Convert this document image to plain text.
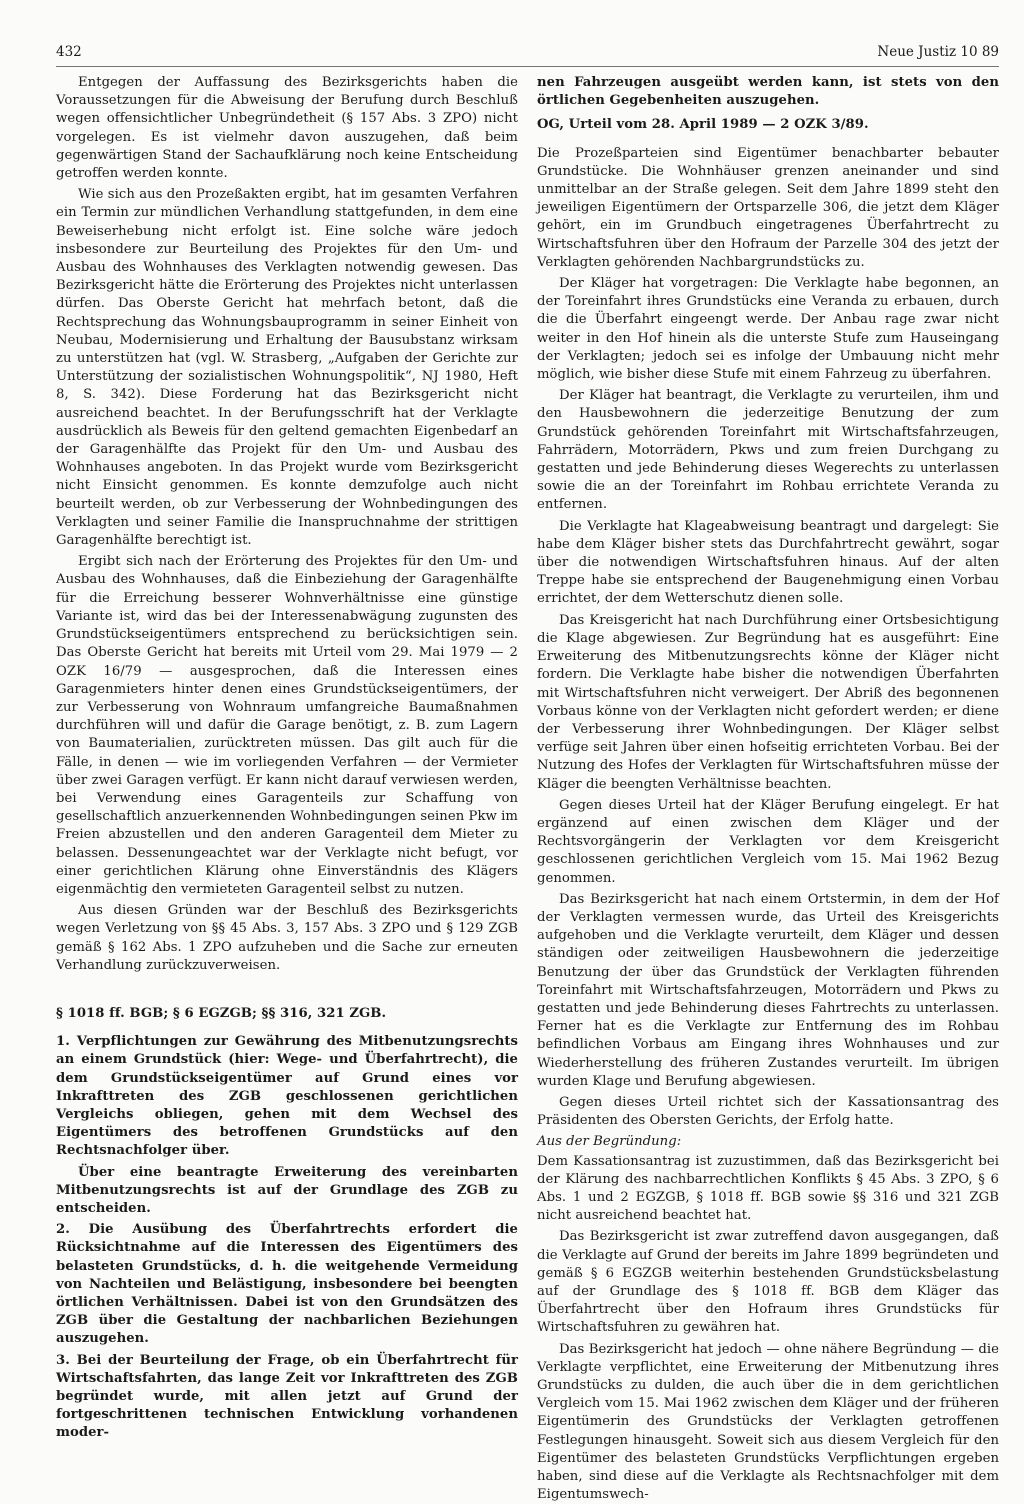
432	Neue Justiz 10 89

Entgegen der Auffassung des Bezirksgerichts haben die Voraussetzungen für die Abweisung der Berufung durch Beschluß wegen offensichtlicher Unbegründetheit (§ 157 Abs. 3 ZPO) nicht vorgelegen. Es ist vielmehr davon auszugehen, daß beim gegenwärtigen Stand der Sachaufklärung noch keine Entscheidung getroffen werden konnte.

Wie sich aus den Prozeßakten ergibt, hat im gesamten Verfahren ein Termin zur mündlichen Verhandlung stattgefunden, in dem eine Beweiserhebung nicht erfolgt ist. Eine solche wäre jedoch insbesondere zur Beurteilung des Projektes für den Um- und Ausbau des Wohnhauses des Verklagten notwendig gewesen. Das Bezirksgericht hätte die Erörterung des Projektes nicht unterlassen dürfen. Das Oberste Gericht hat mehrfach betont, daß die Rechtsprechung das Wohnungsbauprogramm in seiner Einheit von Neubau, Modernisierung und Erhaltung der Bausubstanz wirksam zu unterstützen hat (vgl. W. Strasberg, „Aufgaben der Gerichte zur Unterstützung der sozialistischen Wohnungspolitik“, NJ 1980, Heft 8, S. 342). Diese Forderung hat das Bezirksgericht nicht ausreichend beachtet. In der Berufungsschrift hat der Verklagte ausdrücklich als Beweis für den geltend gemachten Eigenbedarf an der Garagenhälfte das Projekt für den Um- und Ausbau des Wohnhauses angeboten. In das Projekt wurde vom Bezirksgericht nicht Einsicht genommen. Es konnte demzufolge auch nicht beurteilt werden, ob zur Verbesserung der Wohnbedingungen des Verklagten und seiner Familie die Inanspruchnahme der strittigen Garagenhälfte berechtigt ist.

Ergibt sich nach der Erörterung des Projektes für den Um- und Ausbau des Wohnhauses, daß die Einbeziehung der Garagenhälfte für die Erreichung besserer Wohnverhältnisse eine günstige Variante ist, wird das bei der Interessenabwägung zugunsten des Grundstückseigentümers entsprechend zu berücksichtigen sein. Das Oberste Gericht hat bereits mit Urteil vom 29. Mai 1979 — 2 OZK 16/79 — ausgesprochen, daß die Interessen eines Garagenmieters hinter denen eines Grundstückseigentümers, der zur Verbesserung von Wohnraum umfangreiche Baumaßnahmen durchführen will und dafür die Garage benötigt, z. B. zum Lagern von Baumaterialien, zurücktreten müssen. Das gilt auch für die Fälle, in denen — wie im vorliegenden Verfahren — der Vermieter über zwei Garagen verfügt. Er kann nicht darauf verwiesen werden, bei Verwendung eines Garagenteils zur Schaffung von gesellschaftlich anzuerkennenden Wohnbedingungen seinen Pkw im Freien abzustellen und den anderen Garagenteil dem Mieter zu belassen. Dessenungeachtet war der Verklagte nicht befugt, vor einer gerichtlichen Klärung ohne Einverständnis des Klägers eigenmächtig den vermieteten Garagenteil selbst zu nutzen.

Aus diesen Gründen war der Beschluß des Bezirksgerichts wegen Verletzung von §§ 45 Abs. 3, 157 Abs. 3 ZPO und § 129 ZGB gemäß § 162 Abs. 1 ZPO aufzuheben und die Sache zur erneuten Verhandlung zurückzuverweisen.

§ 1018 ff. BGB; § 6 EGZGB; §§ 316, 321 ZGB.

1. Verpflichtungen zur Gewährung des Mitbenutzungsrechts an einem Grundstück (hier: Wege- und Überfahrtrecht), die dem Grundstückseigentümer auf Grund eines vor Inkrafttreten des ZGB geschlossenen gerichtlichen Vergleichs obliegen, gehen mit dem Wechsel des Eigentümers des betroffenen Grundstücks auf den Rechtsnachfolger über.

Über eine beantragte Erweiterung des vereinbarten Mitbenutzungsrechts ist auf der Grundlage des ZGB zu entscheiden.

2. Die Ausübung des Überfahrtrechts erfordert die Rücksichtnahme auf die Interessen des Eigentümers des belasteten Grundstücks, d. h. die weitgehende Vermeidung von Nachteilen und Belästigung, insbesondere bei beengten örtlichen Verhältnissen. Dabei ist von den Grundsätzen des ZGB über die Gestaltung der nachbarlichen Beziehungen auszugehen.

3. Bei der Beurteilung der Frage, ob ein Überfahrtrecht für Wirtschaftsfahrten, das lange Zeit vor Inkrafttreten des ZGB begründet wurde, mit allen jetzt auf Grund der fortgeschrittenen technischen Entwicklung vorhandenen moder-

nen Fahrzeugen ausgeübt werden kann, ist stets von den örtlichen Gegebenheiten auszugehen.

OG, Urteil vom 28. April 1989 — 2 OZK 3/89.

Die Prozeßparteien sind Eigentümer benachbarter bebauter Grundstücke. Die Wohnhäuser grenzen aneinander und sind unmittelbar an der Straße gelegen. Seit dem Jahre 1899 steht den jeweiligen Eigentümern der Ortsparzelle 306, die jetzt dem Kläger gehört, ein im Grundbuch eingetragenes Überfahrtrecht zu Wirtschaftsfuhren über den Hofraum der Parzelle 304 des jetzt der Verklagten gehörenden Nachbargrundstücks zu.

Der Kläger hat vorgetragen: Die Verklagte habe begonnen, an der Toreinfahrt ihres Grundstücks eine Veranda zu erbauen, durch die die Überfahrt eingeengt werde. Der Anbau rage zwar nicht weiter in den Hof hinein als die unterste Stufe zum Hauseingang der Verklagten; jedoch sei es infolge der Umbauung nicht mehr möglich, wie bisher diese Stufe mit einem Fahrzeug zu überfahren.

Der Kläger hat beantragt, die Verklagte zu verurteilen, ihm und den Hausbewohnern die jederzeitige Benutzung der zum Grundstück gehörenden Toreinfahrt mit Wirtschaftsfahrzeugen, Fahrrädern, Motorrädern, Pkws und zum freien Durchgang zu gestatten und jede Behinderung dieses Wegerechts zu unterlassen sowie die an der Toreinfahrt im Rohbau errichtete Veranda zu entfernen.

Die Verklagte hat Klageabweisung beantragt und dargelegt: Sie habe dem Kläger bisher stets das Durchfahrtrecht gewährt, sogar über die notwendigen Wirtschaftsfuhren hinaus. Auf der alten Treppe habe sie entsprechend der Baugenehmigung einen Vorbau errichtet, der dem Wetterschutz dienen solle.

Das Kreisgericht hat nach Durchführung einer Ortsbesichtigung die Klage abgewiesen. Zur Begründung hat es ausgeführt: Eine Erweiterung des Mitbenutzungsrechts könne der Kläger nicht fordern. Die Verklagte habe bisher die notwendigen Überfahrten mit Wirtschaftsfuhren nicht verweigert. Der Abriß des begonnenen Vorbaus könne von der Verklagten nicht gefordert werden; er diene der Verbesserung ihrer Wohnbedingungen. Der Kläger selbst verfüge seit Jahren über einen hofseitig errichteten Vorbau. Bei der Nutzung des Hofes der Verklagten für Wirtschaftsfuhren müsse der Kläger die beengten Verhältnisse beachten.

Gegen dieses Urteil hat der Kläger Berufung eingelegt. Er hat ergänzend auf einen zwischen dem Kläger und der Rechtsvorgängerin der Verklagten vor dem Kreisgericht geschlossenen gerichtlichen Vergleich vom 15. Mai 1962 Bezug genommen.

Das Bezirksgericht hat nach einem Ortstermin, in dem der Hof der Verklagten vermessen wurde, das Urteil des Kreisgerichts aufgehoben und die Verklagte verurteilt, dem Kläger und dessen ständigen oder zeitweiligen Hausbewohnern die jederzeitige Benutzung der über das Grundstück der Verklagten führenden Toreinfahrt mit Wirtschaftsfahrzeugen, Motorrädern und Pkws zu gestatten und jede Behinderung dieses Fahrtrechts zu unterlassen. Ferner hat es die Verklagte zur Entfernung des im Rohbau befindlichen Vorbaus am Eingang ihres Wohnhauses und zur Wiederherstellung des früheren Zustandes verurteilt. Im übrigen wurden Klage und Berufung abgewiesen.

Gegen dieses Urteil richtet sich der Kassationsantrag des Präsidenten des Obersten Gerichts, der Erfolg hatte.

Aus der Begründung:

Dem Kassationsantrag ist zuzustimmen, daß das Bezirksgericht bei der Klärung des nachbarrechtlichen Konflikts § 45 Abs. 3 ZPO, § 6 Abs. 1 und 2 EGZGB, § 1018 ff. BGB sowie §§ 316 und 321 ZGB nicht ausreichend beachtet hat.

Das Bezirksgericht ist zwar zutreffend davon ausgegangen, daß die Verklagte auf Grund der bereits im Jahre 1899 begründeten und gemäß § 6 EGZGB weiterhin bestehenden Grundstücksbelastung auf der Grundlage des § 1018 ff. BGB dem Kläger das Überfahrtrecht über den Hofraum ihres Grundstücks für Wirtschaftsfuhren zu gewähren hat.

Das Bezirksgericht hat jedoch — ohne nähere Begründung — die Verklagte verpflichtet, eine Erweiterung der Mitbenutzung ihres Grundstücks zu dulden, die auch über die in dem gerichtlichen Vergleich vom 15. Mai 1962 zwischen dem Kläger und der früheren Eigentümerin des Grundstücks der Verklagten getroffenen Festlegungen hinausgeht. Soweit sich aus diesem Vergleich für den Eigentümer des belasteten Grundstücks Verpflichtungen ergeben haben, sind diese auf die Verklagte als Rechtsnachfolger mit dem Eigentumswech-
